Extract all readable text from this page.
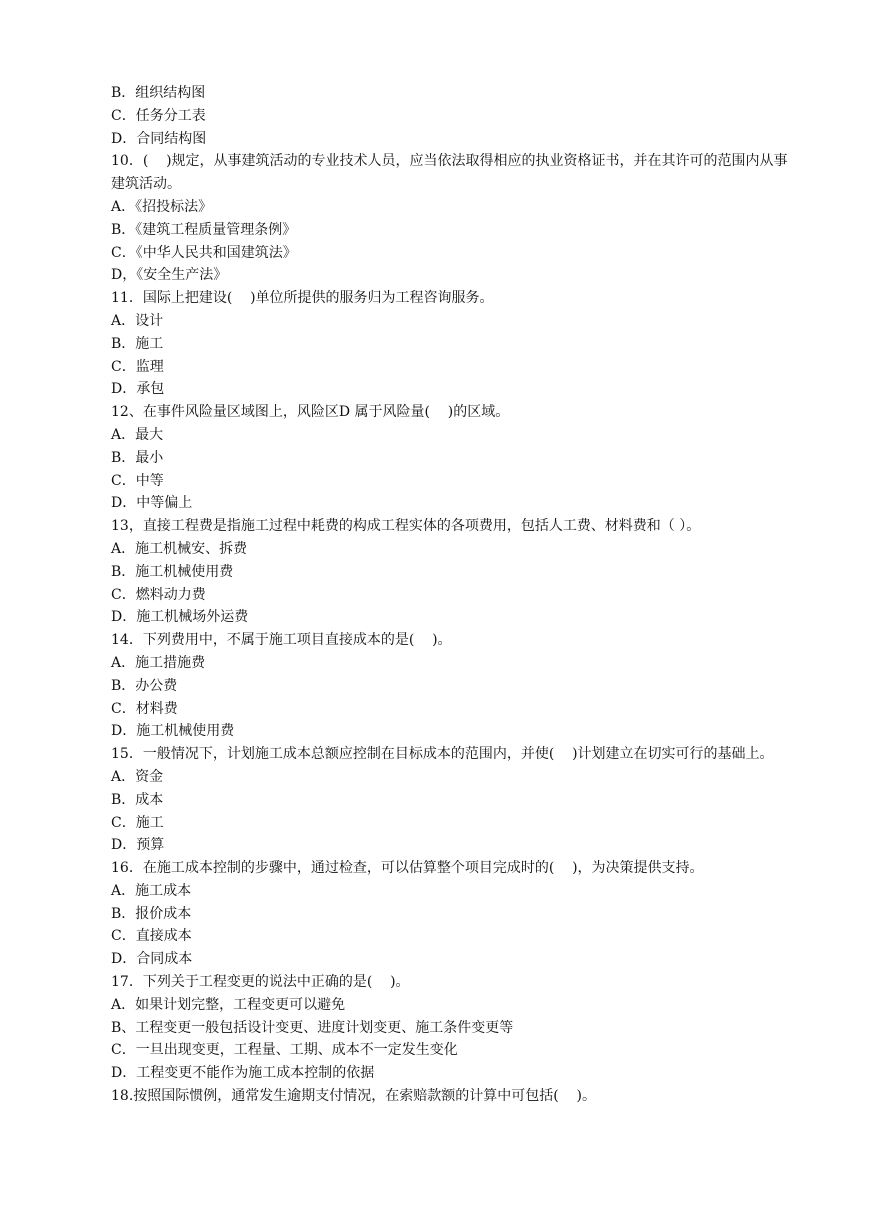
B．组织结构图

C．任务分工表

D．合同结构图

10．(    )规定，从事建筑活动的专业技术人员，应当依法取得相应的执业资格证书，并在其许可的范围内从事建筑活动。

A．《招投标法》

B．《建筑工程质量管理条例》

C．《中华人民共和国建筑法》

D，《安全生产法》

11．国际上把建设(    )单位所提供的服务归为工程咨询服务。

A．设计

B．施工

C．监理

D．承包

12、在事件风险量区域图上，风险区D 属于风险量(    )的区域。

A．最大

B．最小

C．中等

D．中等偏上

13，直接工程费是指施工过程中耗费的构成工程实体的各项费用，包括人工费、材料费和（ ）。

A．施工机械安、拆费

B．施工机械使用费

C．燃料动力费

D．施工机械场外运费

14．下列费用中，不属于施工项目直接成本的是(    )。

A．施工措施费

B．办公费

C．材料费

D．施工机械使用费

15．一般情况下，计划施工成本总额应控制在目标成本的范围内，并使(    )计划建立在切实可行的基础上。

A．资金

B．成本

C．施工

D．预算

16．在施工成本控制的步骤中，通过检查，可以估算整个项目完成时的(    )，为决策提供支持。

A．施工成本

B．报价成本

C．直接成本

D．合同成本

17．下列关于工程变更的说法中正确的是(    )。

A．如果计划完整，工程变更可以避免

B、工程变更一般包括设计变更、进度计划变更、施工条件变更等

C．一旦出现变更，工程量、工期、成本不一定发生变化

D．工程变更不能作为施工成本控制的依据

18.按照国际惯例，通常发生逾期支付情况，在索赔款额的计算中可包括(    )。
